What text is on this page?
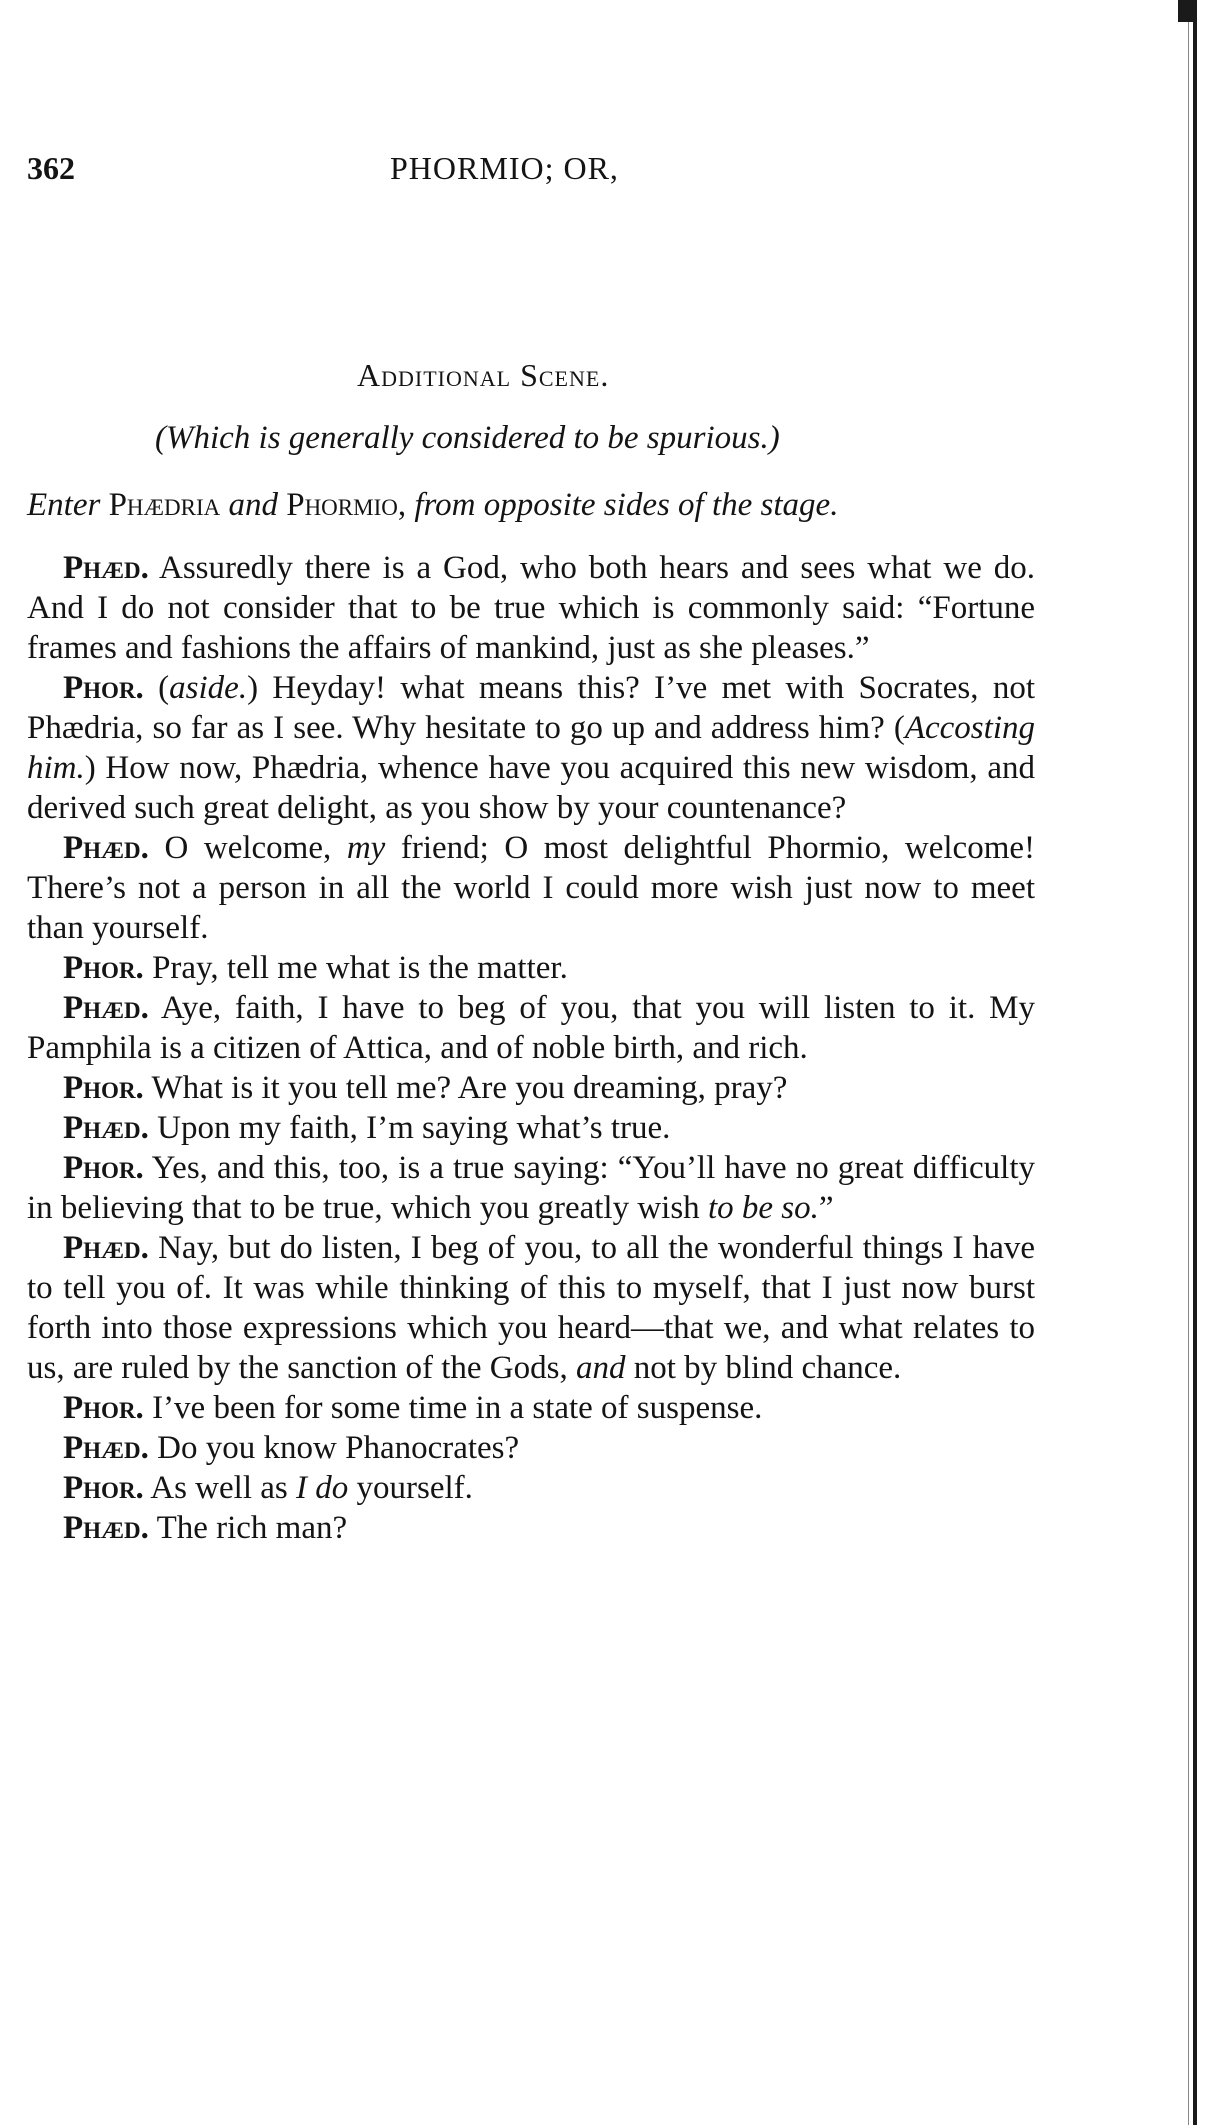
362	PHORMIO; OR,
Additional Scene.
(Which is generally considered to be spurious.)
Enter Phædria and Phormio, from opposite sides of the stage.

Phæd. Assuredly there is a God, who both hears and sees what we do. And I do not consider that to be true which is commonly said: “Fortune frames and fashions the affairs of mankind, just as she pleases.”

Phor. (aside.) Heyday! what means this? I’ve met with Socrates, not Phædria, so far as I see. Why hesitate to go up and address him? (Accosting him.) How now, Phædria, whence have you acquired this new wisdom, and derived such great delight, as you show by your countenance?

Phæd. O welcome, my friend; O most delightful Phormio, welcome! There’s not a person in all the world I could more wish just now to meet than yourself.

Phor. Pray, tell me what is the matter.

Phæd. Aye, faith, I have to beg of you, that you will listen to it. My Pamphila is a citizen of Attica, and of noble birth, and rich.

Phor. What is it you tell me? Are you dreaming, pray?

Phæd. Upon my faith, I’m saying what’s true.

Phor. Yes, and this, too, is a true saying: “You’ll have no great difficulty in believing that to be true, which you greatly wish to be so.”

Phæd. Nay, but do listen, I beg of you, to all the wonderful things I have to tell you of. It was while thinking of this to myself, that I just now burst forth into those expressions which you heard—that we, and what relates to us, are ruled by the sanction of the Gods, and not by blind chance.

Phor. I’ve been for some time in a state of suspense.

Phæd. Do you know Phanocrates?

Phor. As well as I do yourself.

Phæd. The rich man?
